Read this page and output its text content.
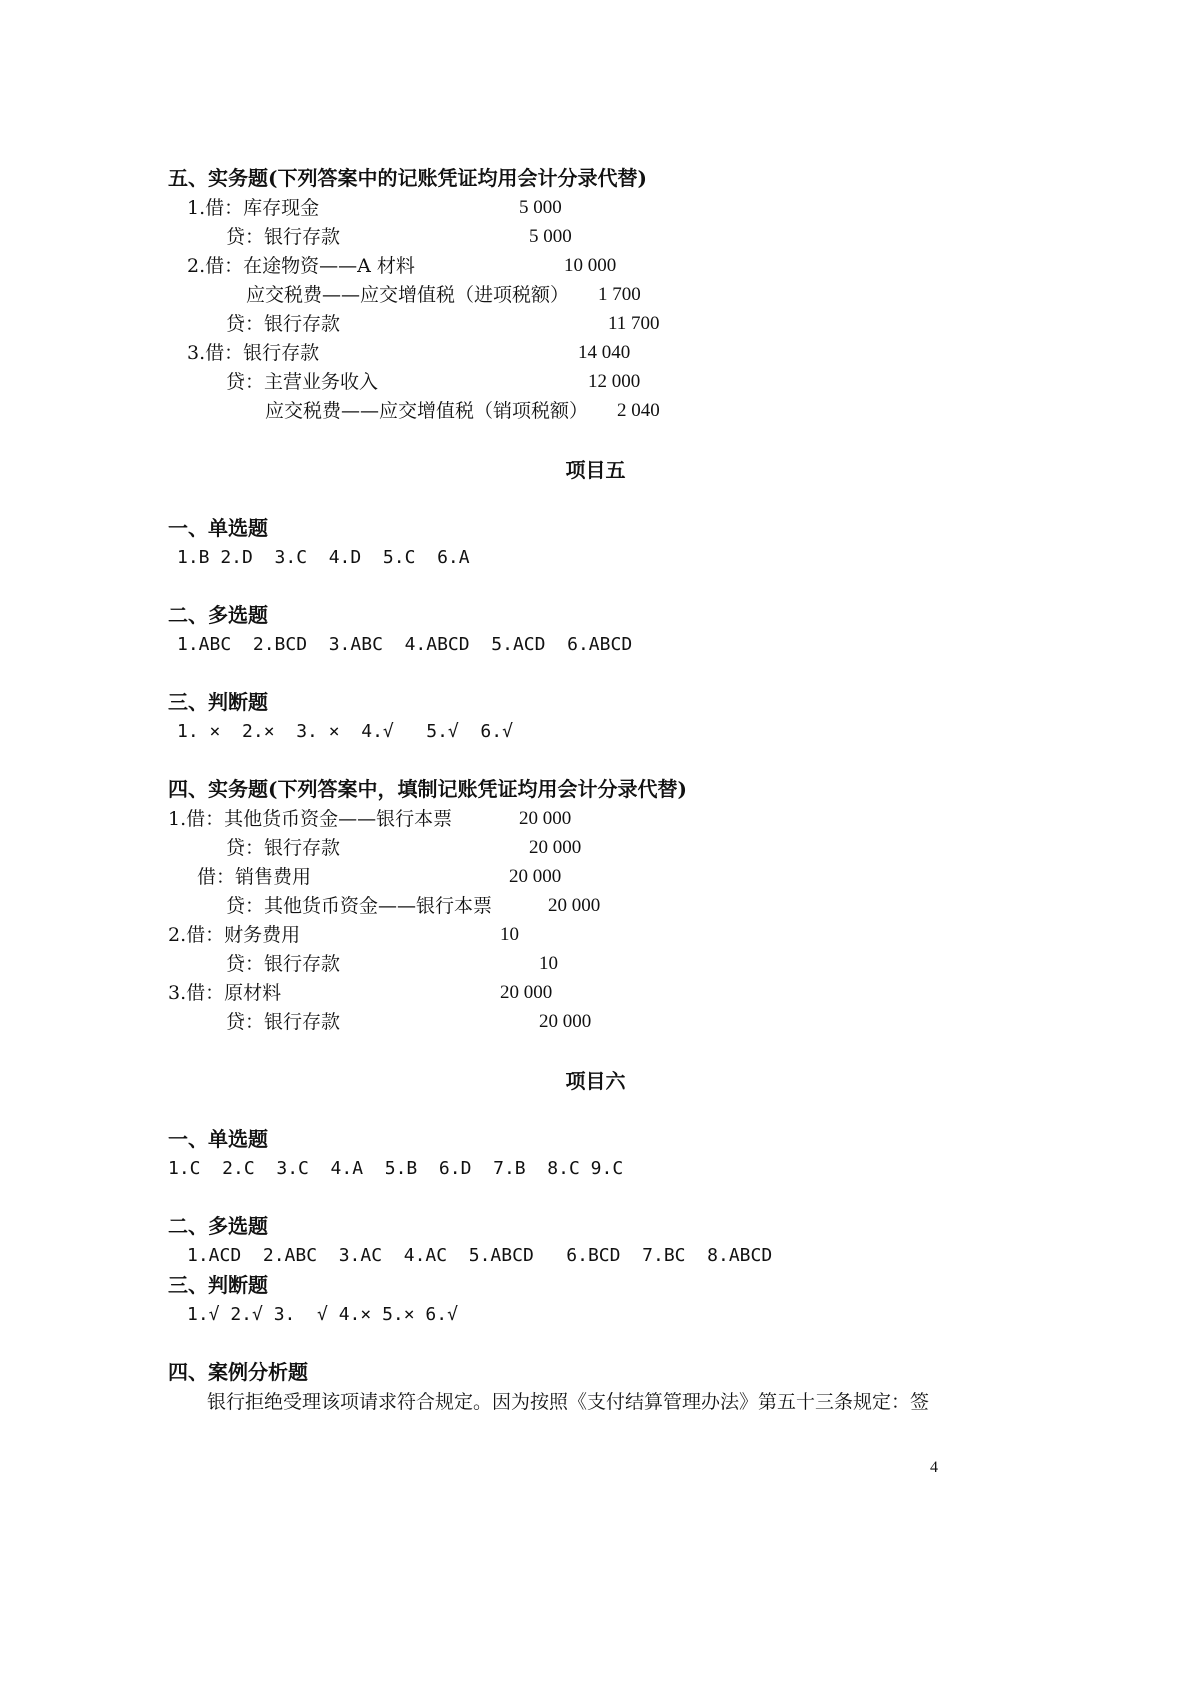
五、实务题(下列答案中的记账凭证均用会计分录代替)
1.借：库存现金	5 000
贷：银行存款	5 000
2.借：在途物资——A 材料	10 000
应交税费——应交增值税（进项税额） 1 700
贷：银行存款	11 700
3.借：银行存款	14 040
贷：主营业务收入	12 000
应交税费——应交增值税（销项税额） 2 040
项目五
一、单选题
1.B 2.D  3.C  4.D  5.C  6.A
二、多选题
1.ABC  2.BCD  3.ABC  4.ABCD  5.ACD  6.ABCD
三、判断题
1. ×  2.×  3. ×  4.√   5.√  6.√
四、实务题(下列答案中，填制记账凭证均用会计分录代替)
1.借：其他货币资金——银行本票	20 000
贷：银行存款	20 000
借：销售费用	20 000
贷：其他货币资金——银行本票	20 000
2.借：财务费用	10
贷：银行存款	10
3.借：原材料	20 000
贷：银行存款	20 000
项目六
一、单选题
1.C  2.C  3.C  4.A  5.B  6.D  7.B  8.C 9.C
二、多选题
1.ACD  2.ABC  3.AC  4.AC  5.ABCD   6.BCD  7.BC  8.ABCD
三、判断题
1.√ 2.√ 3.  √ 4.× 5.× 6.√
四、案例分析题
银行拒绝受理该项请求符合规定。因为按照《支付结算管理办法》第五十三条规定：签
4
